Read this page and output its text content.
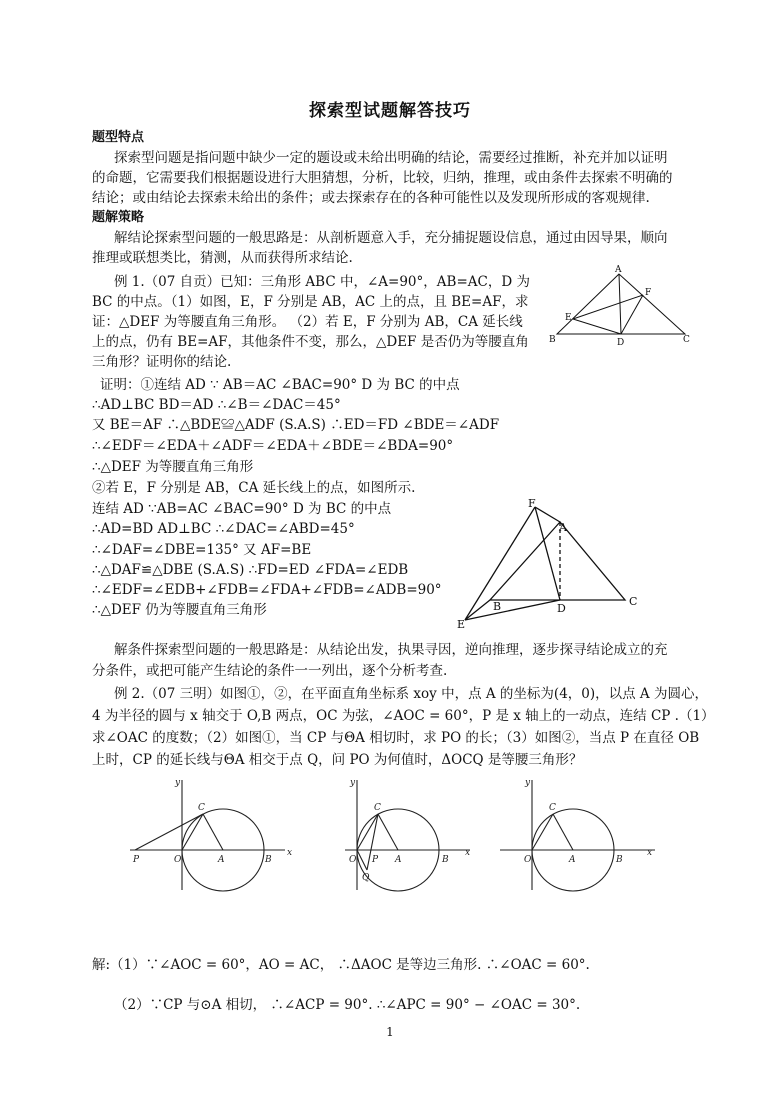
探索型试题解答技巧
题型特点
探索型问题是指问题中缺少一定的题设或未给出明确的结论，需要经过推断，补充并加以证明
的命题，它需要我们根据题设进行大胆猜想，分析，比较，归纳，推理，或由条件去探索不明确的
结论；或由结论去探索未给出的条件；或去探索存在的各种可能性以及发现所形成的客观规律.
题解策略
解结论探索型问题的一般思路是：从剖析题意入手，充分捕捉题设信息，通过由因导果，顺向
推理或联想类比，猜测，从而获得所求结论.
例 1.（07 自贡）已知：三角形 ABC 中，∠A=90°，AB=AC，D 为
BC 的中点。（1）如图，E，F 分别是 AB，AC 上的点，且 BE=AF，求
证：△DEF 为等腰直角三角形。 （2）若 E，F 分别为 AB，CA 延长线
上的点，仍有 BE=AF，其他条件不变，那么，△DEF 是否仍为等腰直角
三角形？证明你的结论.
A
B	C
D
E
F
证明：①连结 AD ∵ AB＝AC ∠BAC=90° D 为 BC 的中点
∴AD⊥BC BD＝AD ∴∠B＝∠DAC＝45°
又 BE＝AF ∴△BDE≌△ADF (S.A.S) ∴ED＝FD ∠BDE＝∠ADF
∴∠EDF＝∠EDA＋∠ADF＝∠EDA＋∠BDE＝∠BDA=90°
∴△DEF 为等腰直角三角形
②若 E，F 分别是 AB，CA 延长线上的点，如图所示.
连结 AD ∵AB=AC ∠BAC=90° D 为 BC 的中点
∴AD=BD AD⊥BC ∴∠DAC=∠ABD=45°
∴∠DAF=∠DBE=135° 又 AF=BE
∴△DAF≌△DBE (S.A.S) ∴FD=ED ∠FDA=∠EDB
∴∠EDF=∠EDB+∠FDB=∠FDA+∠FDB=∠ADB=90°
∴△DEF 仍为等腰直角三角形
F
A
B	C
D
E
解条件探索型问题的一般思路是：从结论出发，执果寻因，逆向推理，逐步探寻结论成立的充
分条件，或把可能产生结论的条件一一列出，逐个分析考查.
例 2.（07 三明）如图①，②，在平面直角坐标系 xoy 中，点 A 的坐标为(4，0)，以点 A 为圆心，
4 为半径的圆与 x 轴交于 O,B 两点，OC 为弦，∠AOC = 60°，P 是 x 轴上的一动点，连结 CP .（1）
求∠OAC 的度数；（2）如图①，当 CP 与ΘA 相切时，求 PO 的长；（3）如图②，当点 P 在直径 OB
上时，CP 的延长线与ΘA 相交于点 Q，问 PO 为何值时，ΔOCQ 是等腰三角形？
x
y
O	A	B
C
P
x
y
O P A	B
C
Q
x
y
O	A	B
C
解:（1）∵∠AOC = 60°，AO = AC， ∴ΔAOC 是等边三角形. ∴∠OAC = 60°.
（2）∵CP 与⊙A 相切， ∴∠ACP = 90°. ∴∠APC = 90° − ∠OAC = 30°.
1
